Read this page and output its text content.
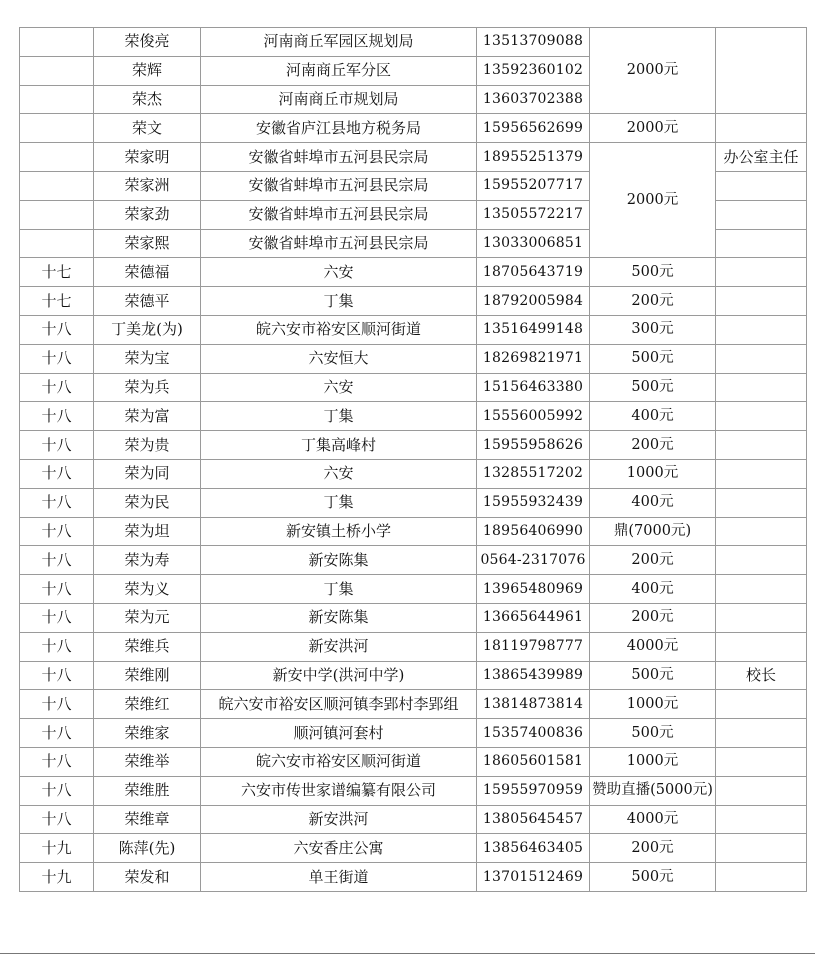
	荣俊亮	河南商丘军园区规划局	13513709088	2000元	
	荣辉	河南商丘军分区	13592360102		
	荣杰	河南商丘市规划局	13603702388		
	荣文	安徽省庐江县地方税务局	15956562699	2000元	
	荣家明	安徽省蚌埠市五河县民宗局	18955251379	2000元	办公室主任
	荣家洲	安徽省蚌埠市五河县民宗局	15955207717		
	荣家劲	安徽省蚌埠市五河县民宗局	13505572217		
	荣家熙	安徽省蚌埠市五河县民宗局	13033006851		
十七	荣德福	六安	18705643719	500元	
十七	荣德平	丁集	18792005984	200元	
十八	丁美龙(为)	皖六安市裕安区顺河街道	13516499148	300元	
十八	荣为宝	六安恒大	18269821971	500元	
十八	荣为兵	六安	15156463380	500元	
十八	荣为富	丁集	15556005992	400元	
十八	荣为贵	丁集高峰村	15955958626	200元	
十八	荣为同	六安	13285517202	1000元	
十八	荣为民	丁集	15955932439	400元	
十八	荣为坦	新安镇土桥小学	18956406990	鼎(7000元)	
十八	荣为寿	新安陈集	0564-2317076	200元	
十八	荣为义	丁集	13965480969	400元	
十八	荣为元	新安陈集	13665644961	200元	
十八	荣维兵	新安洪河	18119798777	4000元	
十八	荣维刚	新安中学(洪河中学)	13865439989	500元	校长
十八	荣维红	皖六安市裕安区顺河镇李郢村李郢组	13814873814	1000元	
十八	荣维家	顺河镇河套村	15357400836	500元	
十八	荣维举	皖六安市裕安区顺河街道	18605601581	1000元	
十八	荣维胜	六安市传世家谱编纂有限公司	15955970959	赞助直播(5000元)	
十八	荣维章	新安洪河	13805645457	4000元	
十九	陈萍(先)	六安香庄公寓	13856463405	200元	
十九	荣发和	单王街道	13701512469	500元	
